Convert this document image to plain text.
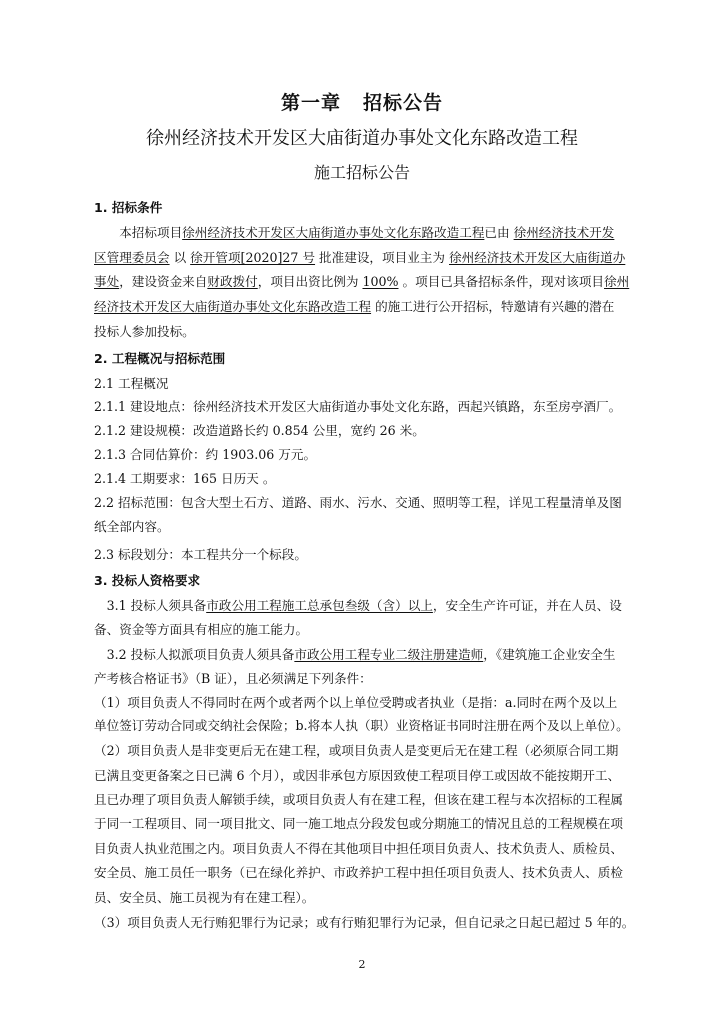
第一章 招标公告
徐州经济技术开发区大庙街道办事处文化东路改造工程
施工招标公告
1. 招标条件
　　本招标项目徐州经济技术开发区大庙街道办事处文化东路改造工程已由 徐州经济技术开发
区管理委员会 以 徐开管项[2020]27 号 批准建设，项目业主为 徐州经济技术开发区大庙街道办
事处，建设资金来自财政拨付，项目出资比例为 100% 。项目已具备招标条件，现对该项目徐州
经济技术开发区大庙街道办事处文化东路改造工程 的施工进行公开招标，特邀请有兴趣的潜在
投标人参加投标。
2. 工程概况与招标范围
2.1 工程概况
2.1.1 建设地点：徐州经济技术开发区大庙街道办事处文化东路，西起兴镇路，东至房亭酒厂。
2.1.2 建设规模：改造道路长约 0.854 公里，宽约 26 米。
2.1.3 合同估算价：约 1903.06 万元。
2.1.4 工期要求：165 日历天 。
2.2 招标范围：包含大型土石方、道路、雨水、污水、交通、照明等工程，详见工程量清单及图
纸全部内容。
2.3 标段划分：本工程共分一个标段。
3. 投标人资格要求
　3.1 投标人须具备市政公用工程施工总承包叁级（含）以上，安全生产许可证，并在人员、设
备、资金等方面具有相应的施工能力。
　3.2 投标人拟派项目负责人须具备市政公用工程专业二级注册建造师，《建筑施工企业安全生
产考核合格证书》（B 证），且必须满足下列条件：
（1）项目负责人不得同时在两个或者两个以上单位受聘或者执业（是指：a.同时在两个及以上
单位签订劳动合同或交纳社会保险；b.将本人执（职）业资格证书同时注册在两个及以上单位）。
（2）项目负责人是非变更后无在建工程，或项目负责人是变更后无在建工程（必须原合同工期
已满且变更备案之日已满 6 个月），或因非承包方原因致使工程项目停工或因故不能按期开工、
且已办理了项目负责人解锁手续，或项目负责人有在建工程，但该在建工程与本次招标的工程属
于同一工程项目、同一项目批文、同一施工地点分段发包或分期施工的情况且总的工程规模在项
目负责人执业范围之内。项目负责人不得在其他项目中担任项目负责人、技术负责人、质检员、
安全员、施工员任一职务（已在绿化养护、市政养护工程中担任项目负责人、技术负责人、质检
员、安全员、施工员视为有在建工程）。
（3）项目负责人无行贿犯罪行为记录；或有行贿犯罪行为记录，但自记录之日起已超过 5 年的。
2
